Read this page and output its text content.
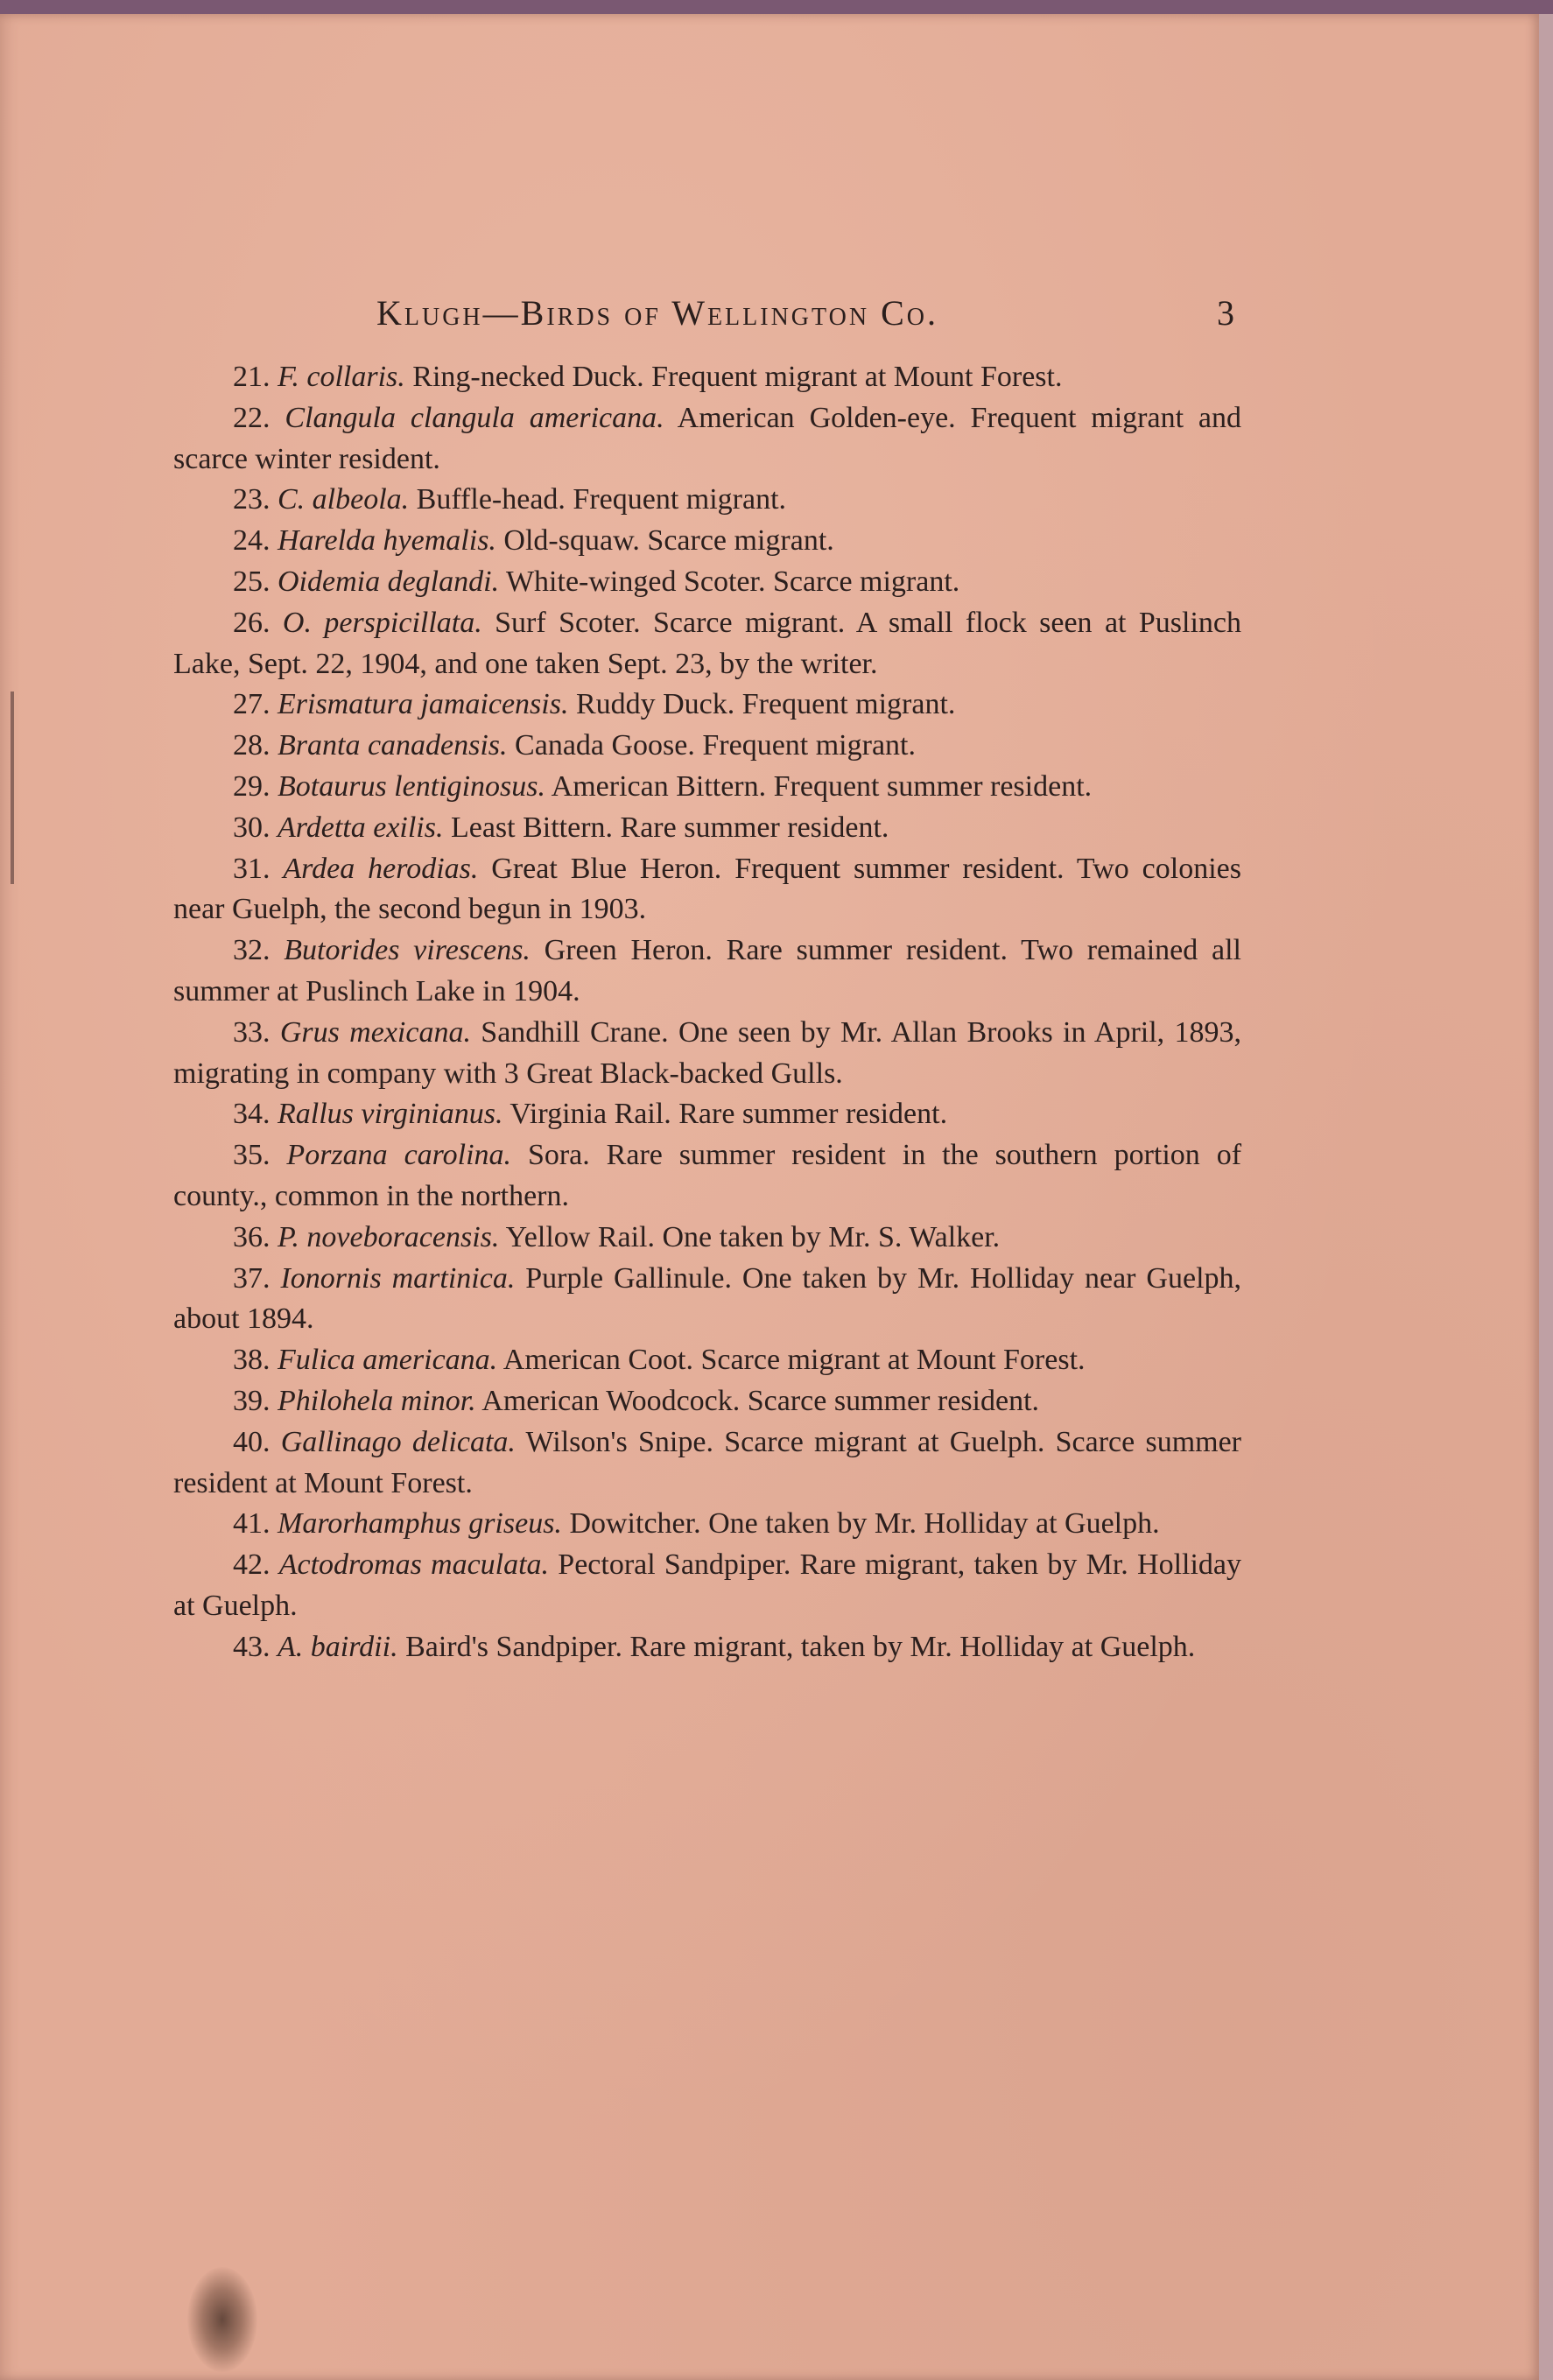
Klugh—Birds of Wellington Co.	3

21. F. collaris. Ring-necked Duck. Frequent migrant at Mount Forest.

22. Clangula clangula americana. American Golden-eye. Frequent migrant and scarce winter resident.

23. C. albeola. Buffle-head. Frequent migrant.

24. Harelda hyemalis. Old-squaw. Scarce migrant.

25. Oidemia deglandi. White-winged Scoter. Scarce migrant.

26. O. perspicillata. Surf Scoter. Scarce migrant. A small flock seen at Puslinch Lake, Sept. 22, 1904, and one taken Sept. 23, by the writer.

27. Erismatura jamaicensis. Ruddy Duck. Frequent migrant.

28. Branta canadensis. Canada Goose. Frequent migrant.

29. Botaurus lentiginosus. American Bittern. Frequent summer resident.

30. Ardetta exilis. Least Bittern. Rare summer resident.

31. Ardea herodias. Great Blue Heron. Frequent summer resident. Two colonies near Guelph, the second begun in 1903.

32. Butorides virescens. Green Heron. Rare summer resident. Two remained all summer at Puslinch Lake in 1904.

33. Grus mexicana. Sandhill Crane. One seen by Mr. Allan Brooks in April, 1893, migrating in company with 3 Great Black-backed Gulls.

34. Rallus virginianus. Virginia Rail. Rare summer resident.

35. Porzana carolina. Sora. Rare summer resident in the southern portion of county., common in the northern.

36. P. noveboracensis. Yellow Rail. One taken by Mr. S. Walker.

37. Ionornis martinica. Purple Gallinule. One taken by Mr. Holliday near Guelph, about 1894.

38. Fulica americana. American Coot. Scarce migrant at Mount Forest.

39. Philohela minor. American Woodcock. Scarce summer resident.

40. Gallinago delicata. Wilson's Snipe. Scarce migrant at Guelph. Scarce summer resident at Mount Forest.

41. Marorhamphus griseus. Dowitcher. One taken by Mr. Holliday at Guelph.

42. Actodromas maculata. Pectoral Sandpiper. Rare migrant, taken by Mr. Holliday at Guelph.

43. A. bairdii. Baird's Sandpiper. Rare migrant, taken by Mr. Holliday at Guelph.
